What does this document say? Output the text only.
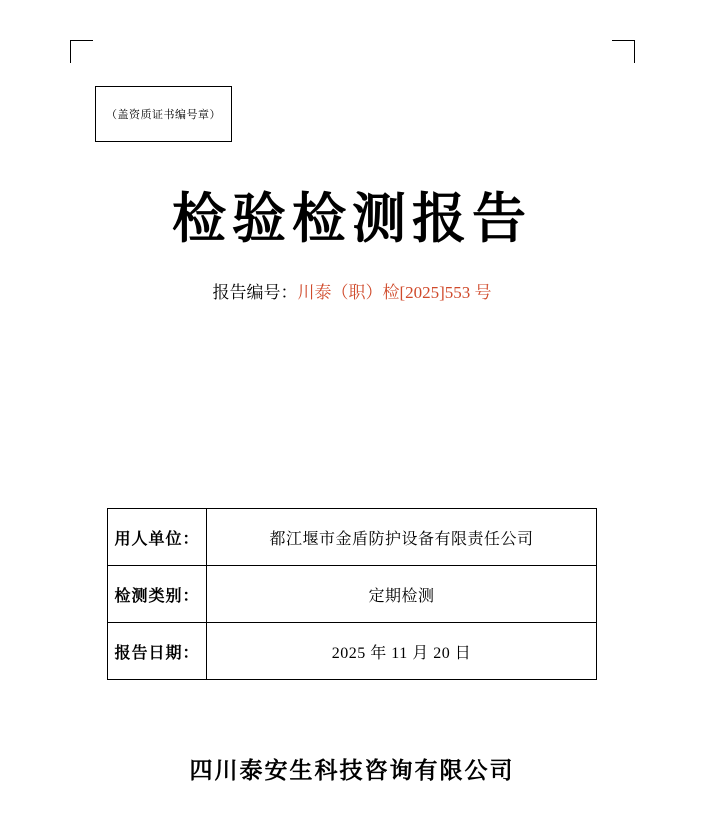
（盖资质证书编号章）
检验检测报告
报告编号：川泰（职）检[2025]553 号
用人单位：	都江堰市金盾防护设备有限责任公司
检测类别：	定期检测
报告日期：	2025 年 11 月 20 日
四川泰安生科技咨询有限公司
